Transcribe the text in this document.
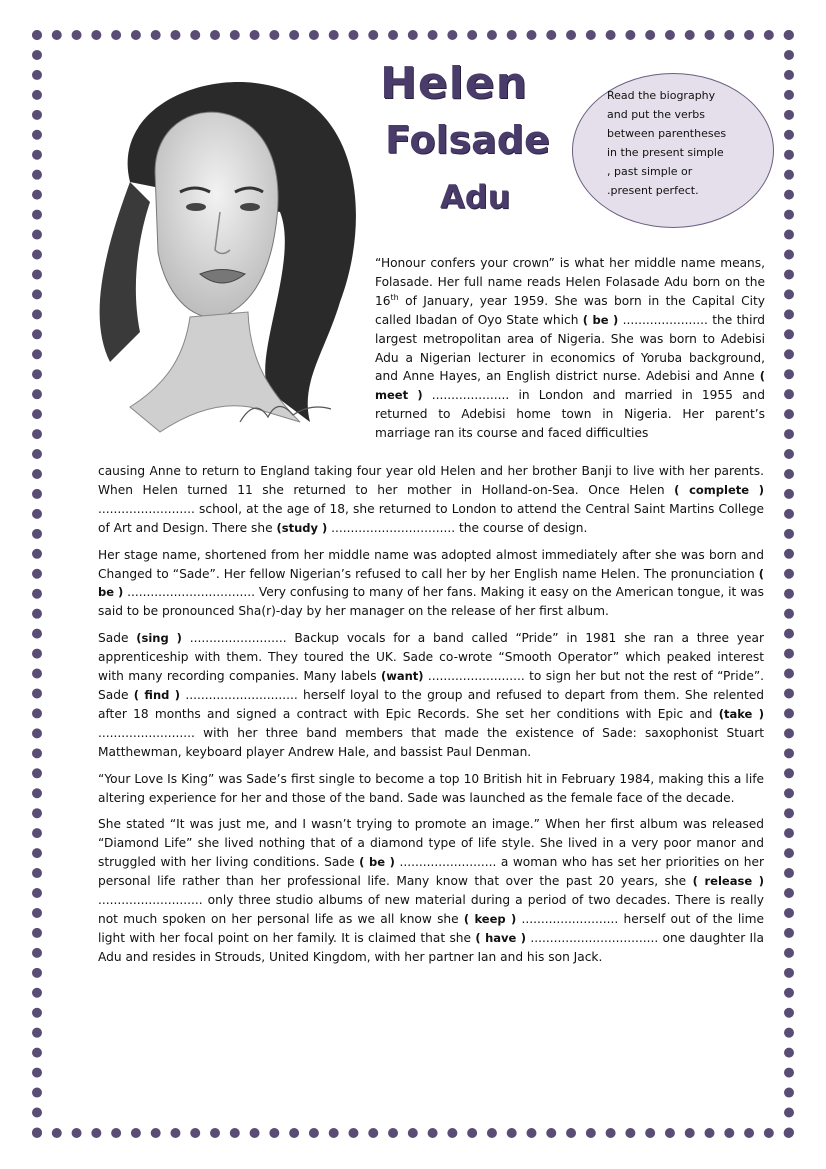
Helen
Folsade
Adu

Read the biography

and put the verbs

between parentheses

in the present simple

, past simple or

.present perfect.

“Honour confers your crown” is what her middle name means, Folasade. Her full name reads Helen Folasade Adu born on the 16th of January, year 1959. She was born in the Capital City called Ibadan of Oyo State which ( be ) ...................... the third largest metropolitan area of Nigeria. She was born to Adebisi Adu a Nigerian lecturer in economics of Yoruba background, and Anne Hayes, an English district nurse. Adebisi and Anne ( meet ) .................... in London and married in 1955 and returned to Adebisi home town in Nigeria. Her parent’s marriage ran its course and faced difficulties

causing Anne to return to England taking four year old Helen and her brother Banji to live with her parents. When Helen turned 11 she returned to her mother in Holland-on-Sea. Once Helen ( complete ) ......................... school, at the age of 18, she returned to London to attend the Central Saint Martins College of Art and Design. There she (study ) ................................ the course of design.

Her stage name, shortened from her middle name was adopted almost immediately after she was born and Changed to “Sade”. Her fellow Nigerian’s refused to call her by her English name Helen. The pronunciation ( be ) ................................. Very confusing to many of her fans. Making it easy on the American tongue, it was said to be pronounced Sha(r)-day by her manager on the release of her first album.

Sade (sing ) ......................... Backup vocals for a band called “Pride” in 1981 she ran a three year apprenticeship with them. They toured the UK. Sade co-wrote “Smooth Operator” which peaked interest with many recording companies. Many labels (want) ......................... to sign her but not the rest of “Pride”. Sade ( find ) ............................. herself loyal to the group and refused to depart from them. She relented after 18 months and signed a contract with Epic Records. She set her conditions with Epic and (take ) ......................... with her three band members that made the existence of Sade: saxophonist Stuart Matthewman, keyboard player Andrew Hale, and bassist Paul Denman.

“Your Love Is King” was Sade’s first single to become a top 10 British hit in February 1984, making this a life altering experience for her and those of the band. Sade was launched as the female face of the decade.

She stated “It was just me, and I wasn’t trying to promote an image.” When her first album was released “Diamond Life” she lived nothing that of a diamond type of life style. She lived in a very poor manor and struggled with her living conditions. Sade ( be ) ......................... a woman who has set her priorities on her personal life rather than her professional life. Many know that over the past 20 years, she ( release ) ........................... only three studio albums of new material during a period of two decades. There is really not much spoken on her personal life as we all know she ( keep ) ......................... herself out of the lime light with her focal point on her family. It is claimed that she ( have ) ................................. one daughter Ila Adu and resides in Strouds, United Kingdom, with her partner Ian and his son Jack.
